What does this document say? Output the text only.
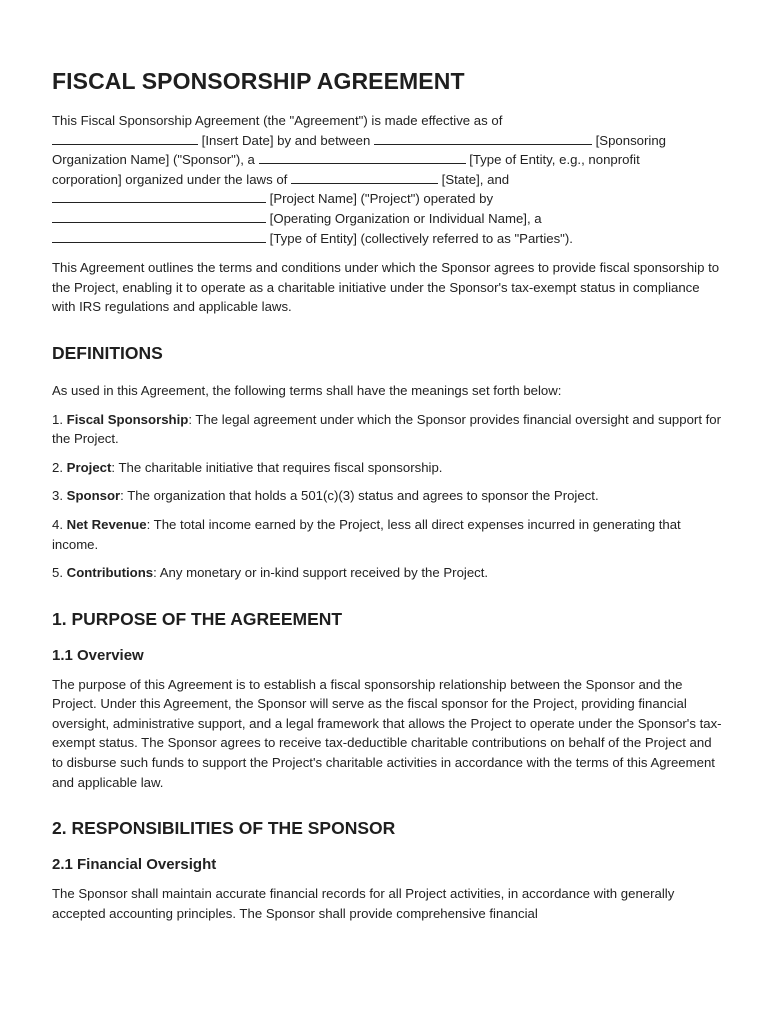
FISCAL SPONSORSHIP AGREEMENT

This Fiscal Sponsorship Agreement (the "Agreement") is made effective as of
[Insert Date] by and between	[Sponsoring
Organization Name] ("Sponsor"), a	[Type of Entity, e.g., nonprofit
corporation] organized under the laws of	[State], and
[Project Name] ("Project") operated by
[Operating Organization or Individual Name], a
[Type of Entity] (collectively referred to as "Parties").

This Agreement outlines the terms and conditions under which the Sponsor agrees to provide fiscal sponsorship to the Project, enabling it to operate as a charitable initiative under the Sponsor's tax-exempt status in compliance with IRS regulations and applicable laws.

DEFINITIONS

As used in this Agreement, the following terms shall have the meanings set forth below:

1. Fiscal Sponsorship: The legal agreement under which the Sponsor provides financial oversight and support for the Project.

2. Project: The charitable initiative that requires fiscal sponsorship.

3. Sponsor: The organization that holds a 501(c)(3) status and agrees to sponsor the Project.

4. Net Revenue: The total income earned by the Project, less all direct expenses incurred in generating that income.

5. Contributions: Any monetary or in-kind support received by the Project.

1. PURPOSE OF THE AGREEMENT
1.1 Overview

The purpose of this Agreement is to establish a fiscal sponsorship relationship between the Sponsor and the Project. Under this Agreement, the Sponsor will serve as the fiscal sponsor for the Project, providing financial oversight, administrative support, and a legal framework that allows the Project to operate under the Sponsor's tax-exempt status. The Sponsor agrees to receive tax-deductible charitable contributions on behalf of the Project and to disburse such funds to support the Project's charitable activities in accordance with the terms of this Agreement and applicable law.

2. RESPONSIBILITIES OF THE SPONSOR
2.1 Financial Oversight

The Sponsor shall maintain accurate financial records for all Project activities, in accordance with generally accepted accounting principles. The Sponsor shall provide comprehensive financial
